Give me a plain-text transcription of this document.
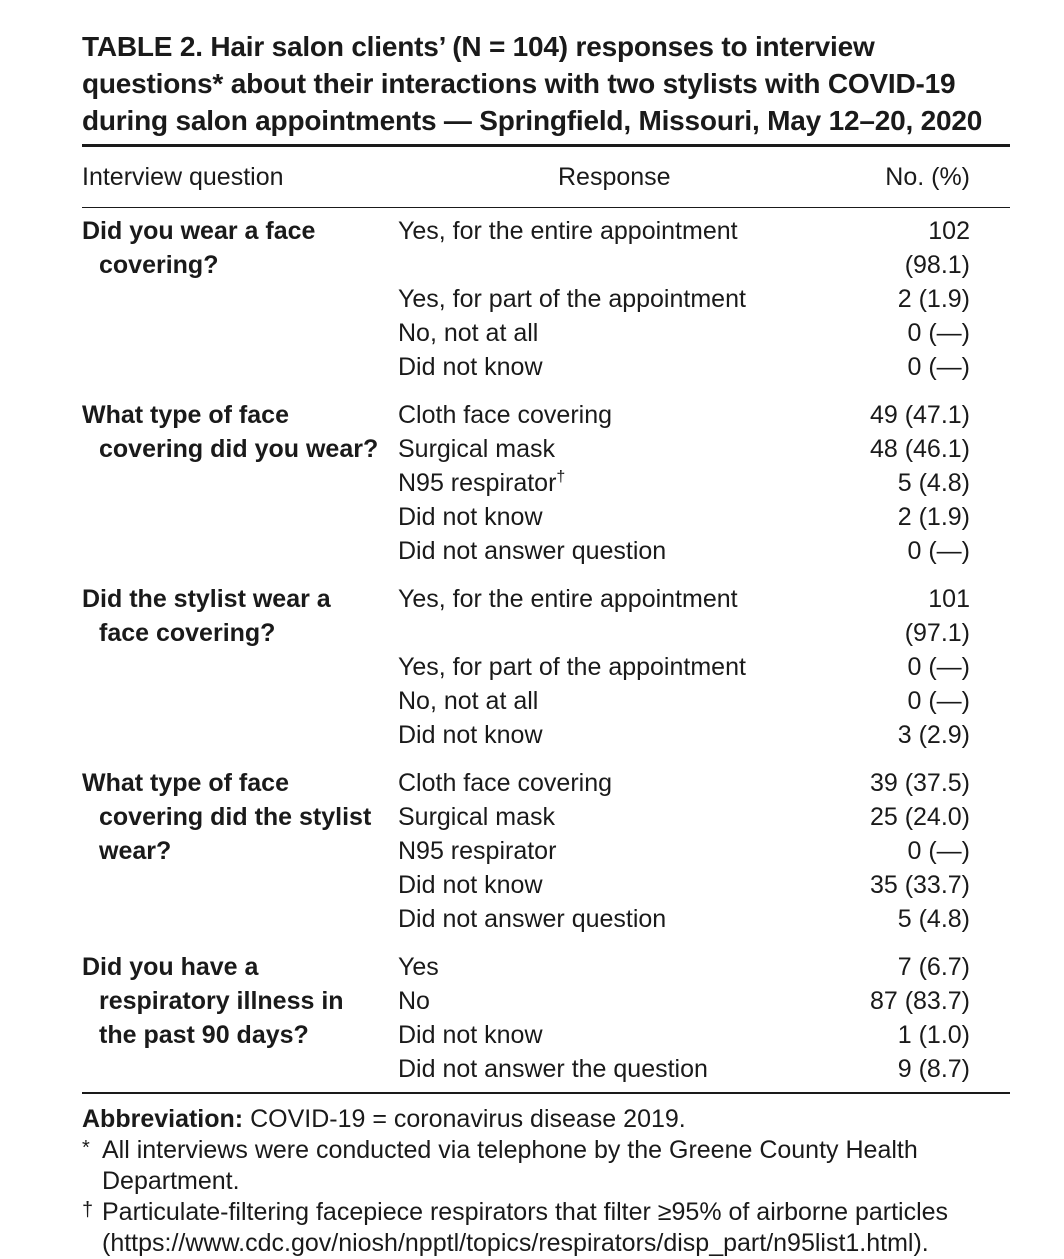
TABLE 2. Hair salon clients’ (N = 104) responses to interview questions* about their interactions with two stylists with COVID-19 during salon appointments — Springfield, Missouri, May 12–20, 2020

Interview question	Response	No. (%)

Did you wear a face covering?	Yes, for the entire appointment	102 (98.1)
	Yes, for part of the appointment	2 (1.9)
	No, not at all	0 (—)
	Did not know	0 (—)

What type of face covering did you wear?	Cloth face covering	49 (47.1)
	Surgical mask	48 (46.1)
	N95 respirator†	5 (4.8)
	Did not know	2 (1.9)
	Did not answer question	0 (—)

Did the stylist wear a face covering?	Yes, for the entire appointment	101 (97.1)
	Yes, for part of the appointment	0 (—)
	No, not at all	0 (—)
	Did not know	3 (2.9)

What type of face covering did the stylist wear?	Cloth face covering	39 (37.5)
	Surgical mask	25 (24.0)
	N95 respirator	0 (—)
	Did not know	35 (33.7)
	Did not answer question	5 (4.8)

Did you have a respiratory illness in the past 90 days?	Yes	7 (6.7)
	No	87 (83.7)
	Did not know	1 (1.0)
	Did not answer the question	9 (8.7)
Abbreviation: COVID-19 = coronavirus disease 2019.
* All interviews were conducted via telephone by the Greene County Health Department.
† Particulate-filtering facepiece respirators that filter ≥95% of airborne particles (https://www.cdc.gov/niosh/npptl/topics/respirators/disp_part/n95list1.html).
